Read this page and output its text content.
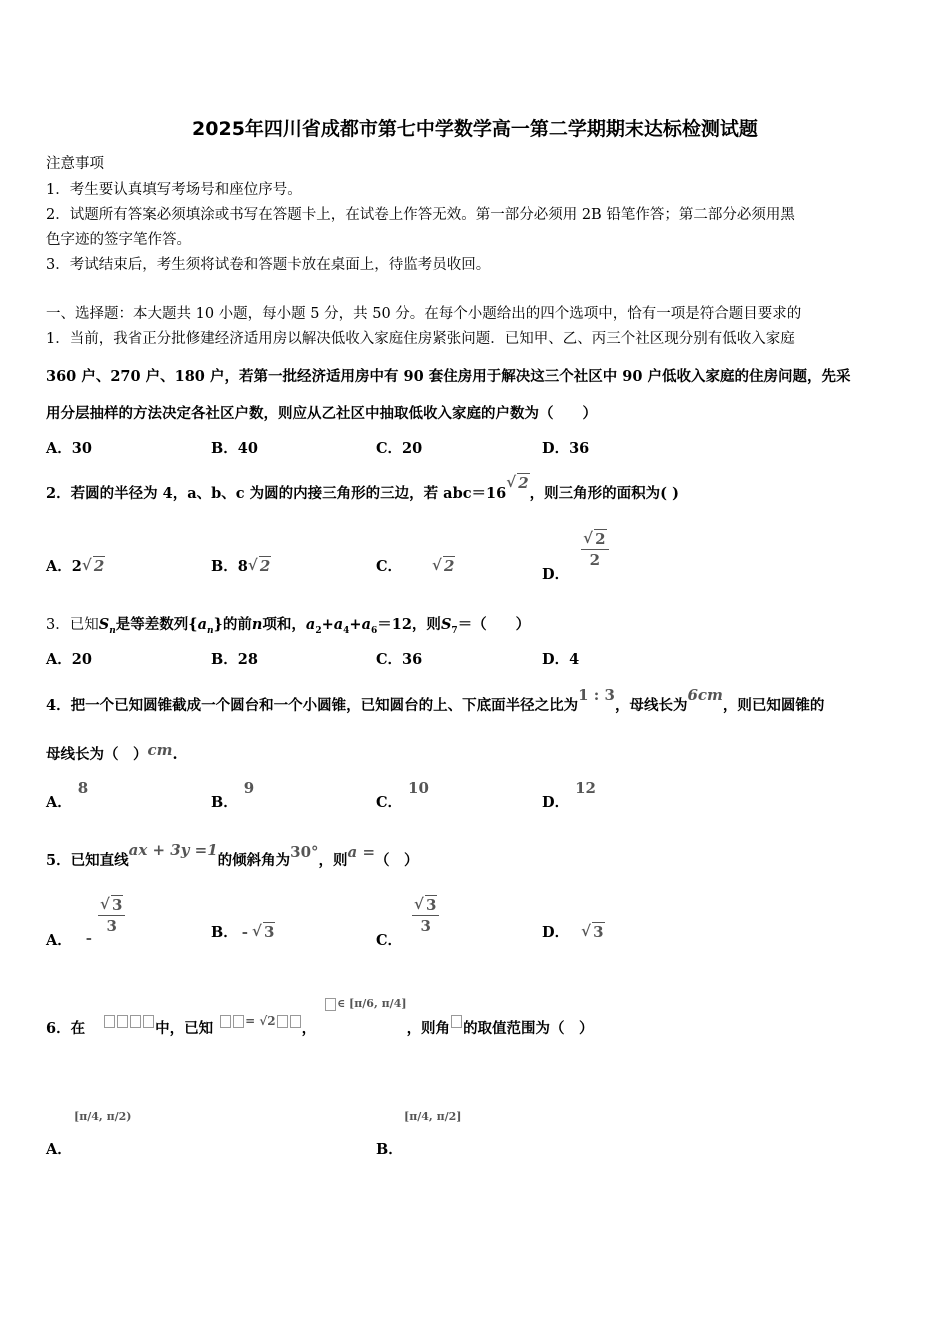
2025年四川省成都市第七中学数学高一第二学期期末达标检测试题
注意事项
1．考生要认真填写考场号和座位序号。
2．试题所有答案必须填涂或书写在答题卡上，在试卷上作答无效。第一部分必须用 2B 铅笔作答；第二部分必须用黑
色字迹的签字笔作答。
3．考试结束后，考生须将试卷和答题卡放在桌面上，待监考员收回。
一、选择题：本大题共 10 小题，每小题 5 分，共 50 分。在每个小题给出的四个选项中，恰有一项是符合题目要求的
1．当前，我省正分批修建经济适用房以解决低收入家庭住房紧张问题．已知甲、乙、丙三个社区现分别有低收入家庭
360 户、270 户、180 户，若第一批经济适用房中有 90 套住房用于解决这三个社区中 90 户低收入家庭的住房问题，先采
用分层抽样的方法决定各社区户数，则应从乙社区中抽取低收入家庭的户数为（　　）
A．30	B．40	C．20	D．36
2．若圆的半径为 4，a、b、c 为圆的内接三角形的三边，若 abc＝16√ 2，则三角形的面积为( )
A．2 √ 2	B．8 √ 2	C．	√ 2	D．
√ $\frac{2}{2}$
3．已知$S_n$是等差数列$\{a_n\}$的前n项和，$a_2+a_4+a_6=12$，则$S_7=$（　　）
A．20	B．28	C．36	D．4
4．把一个已知圆锥截成一个圆台和一个小圆锥，已知圆台的上、下底面半径之比为1 : 3，母线长为6cm，则已知圆锥的
母线长为（　）cm.
A．8
B．9
C．10
D．12
5．已知直线ax + 3y =1的倾斜角为30°，则a =（　）
A． -
√ $\frac{3}{3}$	B． - √ 3	C．
√ $\frac{3}{3}$	D． √ 3
6．在	中，已知	= √2 ，$^{\in [\pi/6, \pi/4]}$，则角 的取值范围为（　）
[π/4, π/2)
A．
[π/4, π/2]
B．
